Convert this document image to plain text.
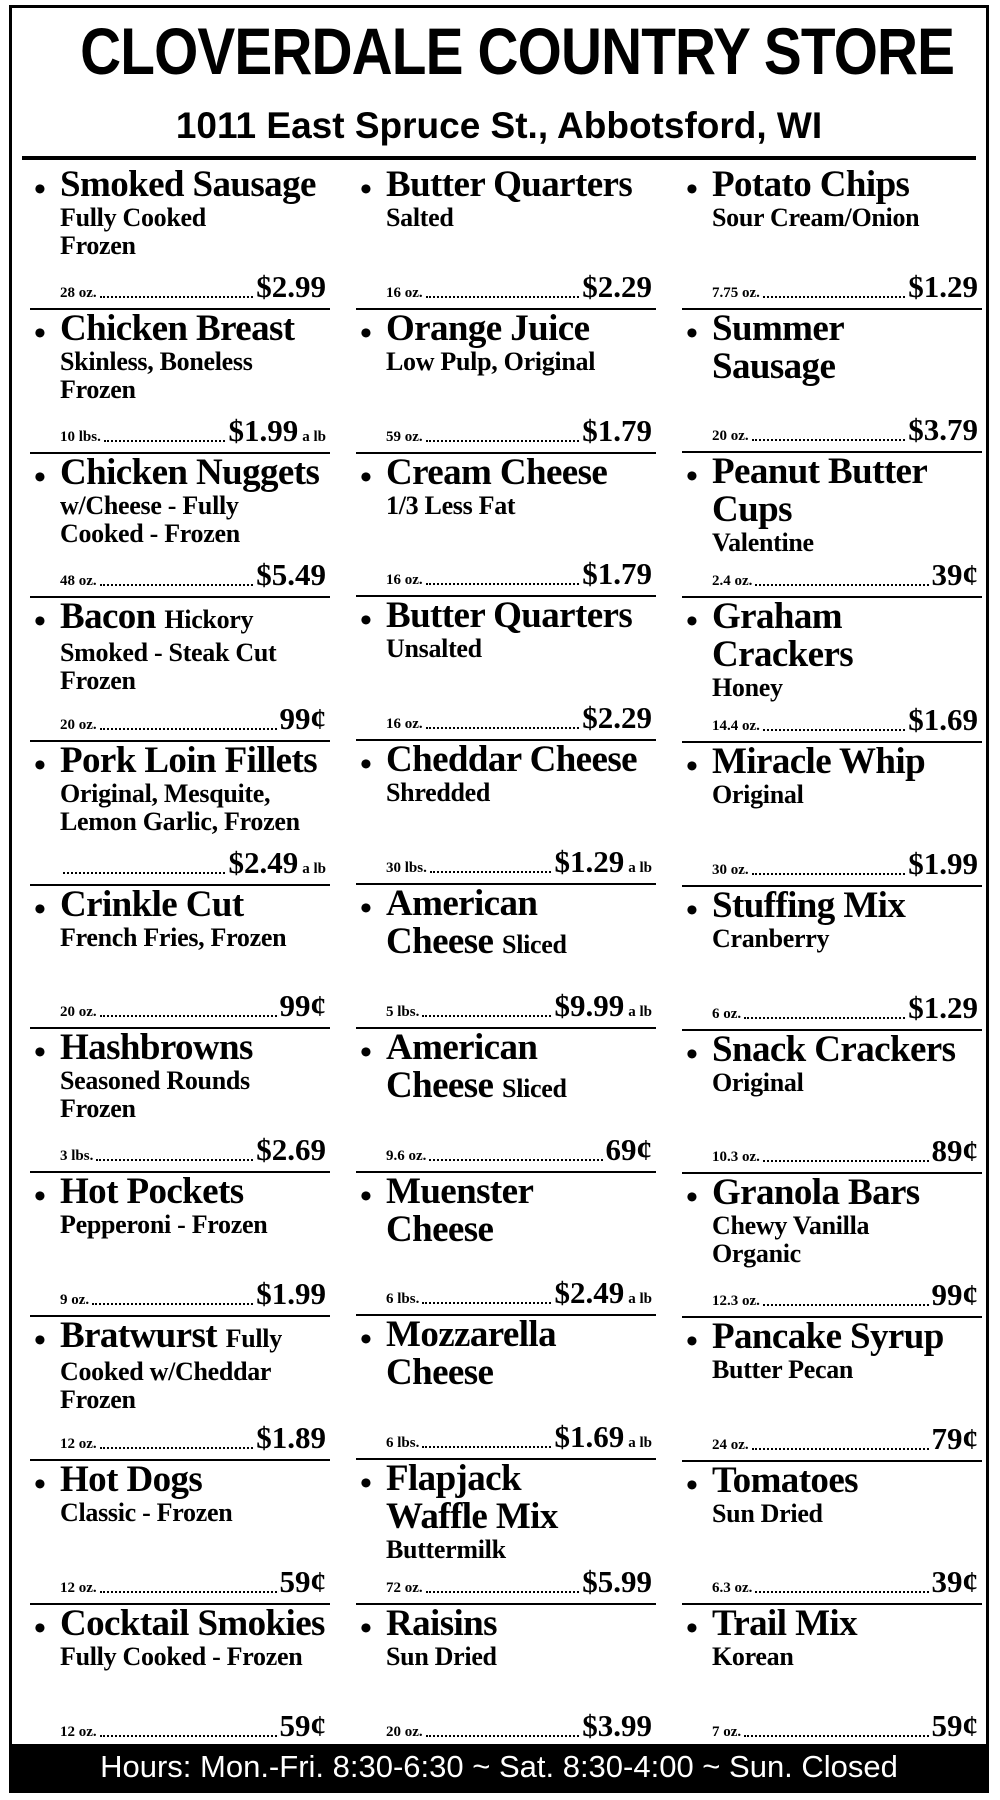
CLOVERDALE COUNTRY STORE
1011 East Spruce St., Abbotsford, WI
• Smoked Sausage
Fully Cooked
Frozen
28 oz.	$2.99
• Chicken Breast
Skinless, Boneless
Frozen
10 lbs.	$1.99 a lb
• Chicken Nuggets
w/Cheese - Fully
Cooked - Frozen
48 oz.	$5.49
• Bacon Hickory
Smoked - Steak Cut
Frozen
20 oz.	99¢
• Pork Loin Fillets
Original, Mesquite,
Lemon Garlic, Frozen
$2.49 a lb
• Crinkle Cut
French Fries, Frozen
20 oz.	99¢
• Hashbrowns
Seasoned Rounds
Frozen
3 lbs.	$2.69
• Hot Pockets
Pepperoni - Frozen
9 oz.	$1.99
• Bratwurst Fully
Cooked w/Cheddar
Frozen
12 oz.	$1.89
• Hot Dogs
Classic - Frozen
12 oz.	59¢
• Cocktail Smokies
Fully Cooked - Frozen
12 oz.	59¢
• Butter Quarters
Salted
16 oz.	$2.29
• Orange Juice
Low Pulp, Original
59 oz.	$1.79
• Cream Cheese
1/3 Less Fat
16 oz.	$1.79
• Butter Quarters
Unsalted
16 oz.	$2.29
• Cheddar Cheese
Shredded
30 lbs.	$1.29 a lb
• American
Cheese Sliced
5 lbs.	$9.99 a lb
• American
Cheese Sliced
9.6 oz.	69¢
• Muenster
Cheese
6 lbs.	$2.49 a lb
• Mozzarella
Cheese
6 lbs.	$1.69 a lb
• Flapjack
Waffle Mix
Buttermilk
72 oz.	$5.99
• Raisins
Sun Dried
20 oz.	$3.99
• Potato Chips
Sour Cream/Onion
7.75 oz.	$1.29
• Summer
Sausage
20 oz.	$3.79
• Peanut Butter
Cups
Valentine
2.4 oz.	39¢
• Graham
Crackers
Honey
14.4 oz.	$1.69
• Miracle Whip
Original
30 oz.	$1.99
• Stuffing Mix
Cranberry
6 oz.	$1.29
• Snack Crackers
Original
10.3 oz.	89¢
• Granola Bars
Chewy Vanilla
Organic
12.3 oz.	99¢
• Pancake Syrup
Butter Pecan
24 oz.	79¢
• Tomatoes
Sun Dried
6.3 oz.	39¢
• Trail Mix
Korean
7 oz.	59¢
Hours: Mon.-Fri. 8:30-6:30 ~ Sat. 8:30-4:00 ~ Sun. Closed
